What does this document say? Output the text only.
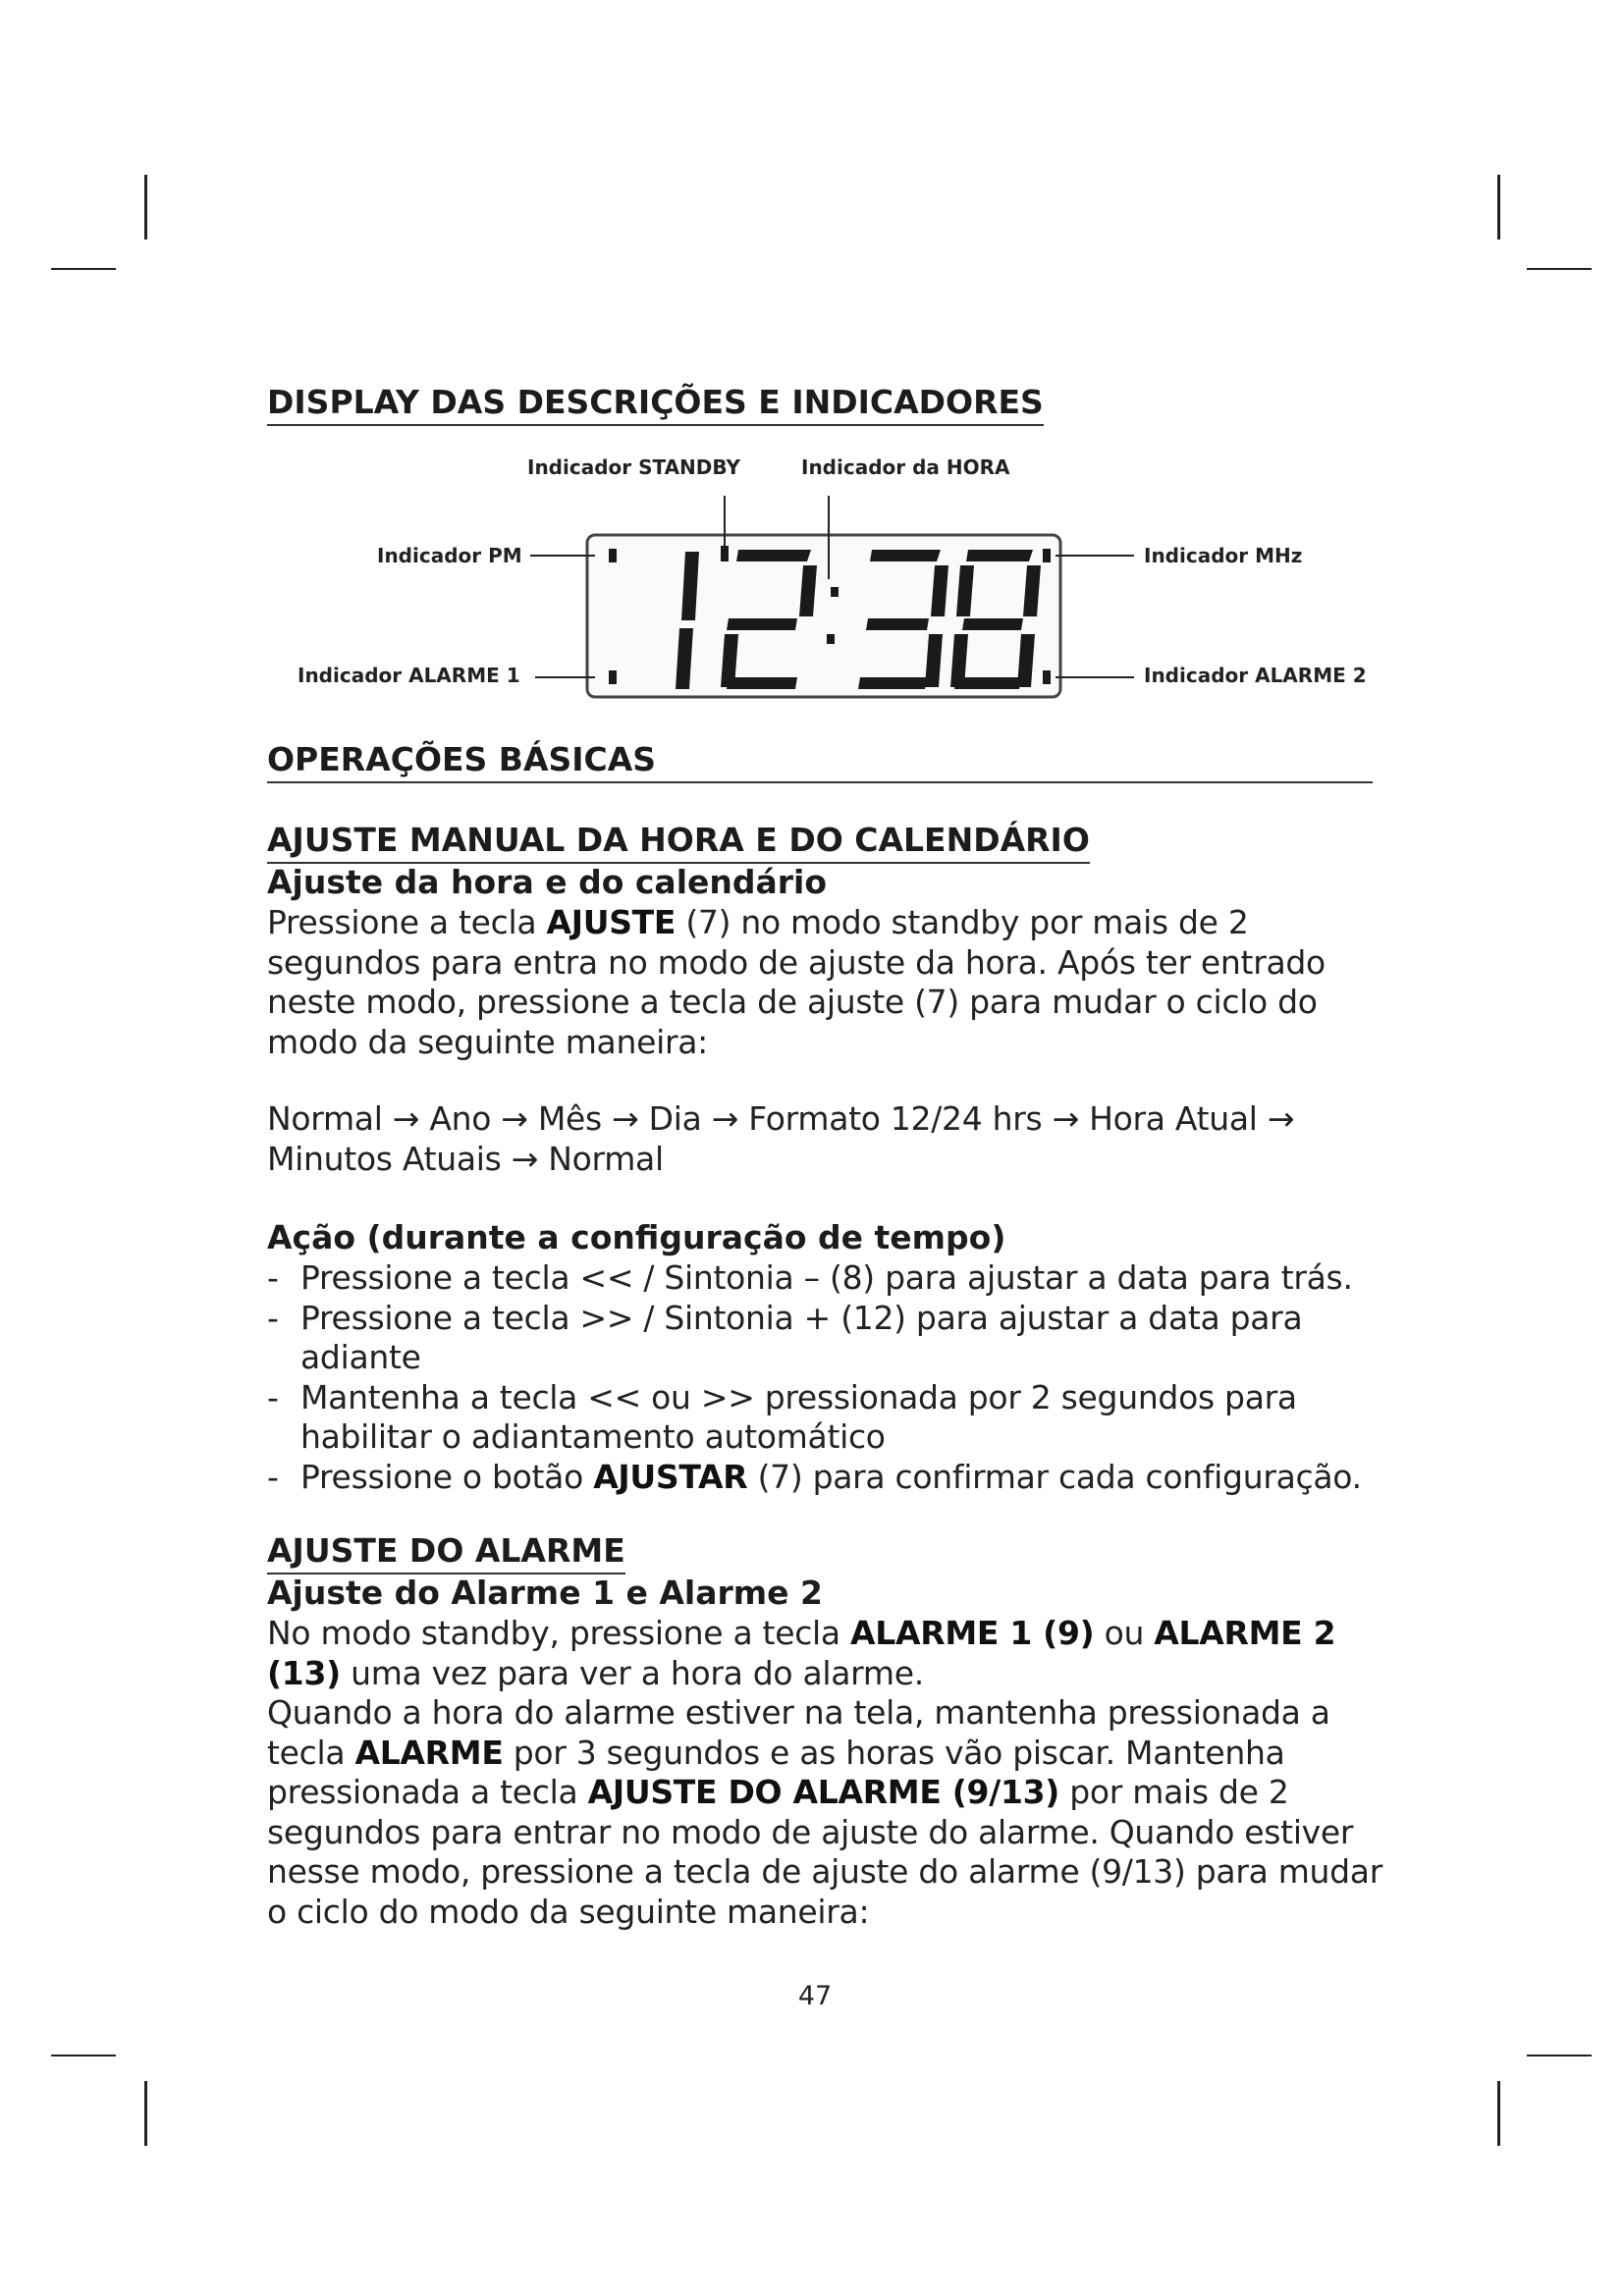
DISPLAY DAS DESCRIÇÕES E INDICADORES
Indicador STANDBY	Indicador da HORA
Indicador PM
Indicador ALARME 1
Indicador MHz
Indicador ALARME 2
OPERAÇÕES BÁSICAS
AJUSTE MANUAL DA HORA E DO CALENDÁRIO
Ajuste da hora e do calendário
Pressione a tecla AJUSTE (7) no modo standby por mais de 2
segundos para entra no modo de ajuste da hora. Após ter entrado
neste modo, pressione a tecla de ajuste (7) para mudar o ciclo do
modo da seguinte maneira:
Normal → Ano → Mês → Dia → Formato 12/24 hrs → Hora Atual →
Minutos Atuais → Normal
Ação (durante a configuração de tempo)
- Pressione a tecla << / Sintonia – (8) para ajustar a data para trás.
- Pressione a tecla >> / Sintonia + (12) para ajustar a data para
adiante
- Mantenha a tecla << ou >> pressionada por 2 segundos para
habilitar o adiantamento automático
- Pressione o botão AJUSTAR (7) para confirmar cada configuração.
AJUSTE DO ALARME
Ajuste do Alarme 1 e Alarme 2
No modo standby, pressione a tecla ALARME 1 (9) ou ALARME 2
(13) uma vez para ver a hora do alarme.
Quando a hora do alarme estiver na tela, mantenha pressionada a
tecla ALARME por 3 segundos e as horas vão piscar. Mantenha
pressionada a tecla AJUSTE DO ALARME (9/13) por mais de 2
segundos para entrar no modo de ajuste do alarme. Quando estiver
nesse modo, pressione a tecla de ajuste do alarme (9/13) para mudar
o ciclo do modo da seguinte maneira:
47
